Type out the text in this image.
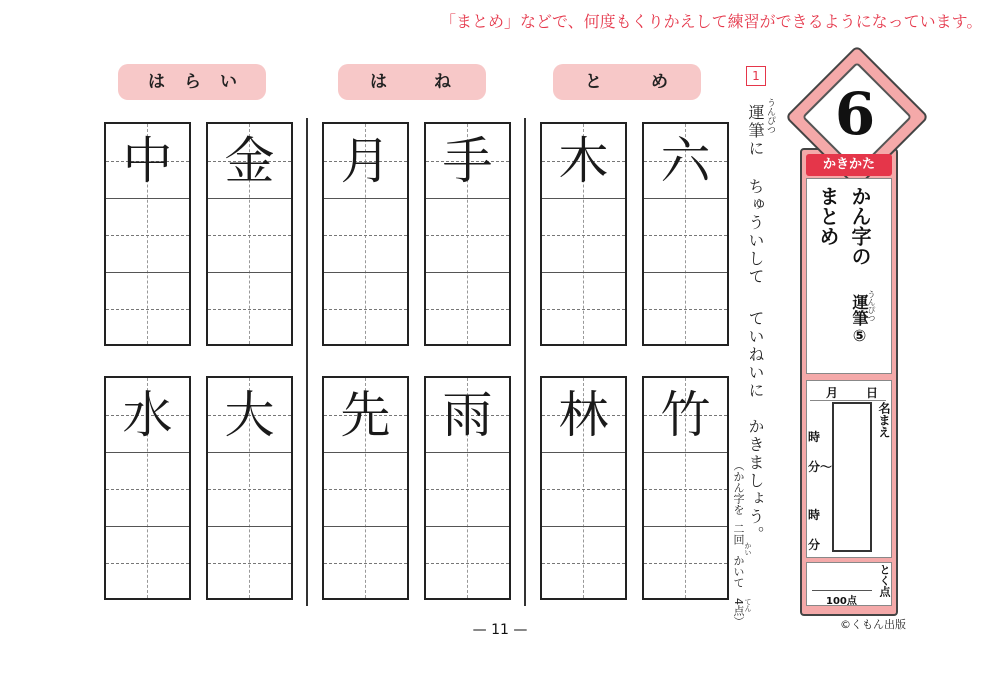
「まとめ」などで、何度もくりかえして練習ができるようになっています。
は ら い	は	ね	と	め
中	金	月	手	木	六
水	大	先	雨	林	竹
1
うんぴつ
運筆に
ちゅういして
ていねいに
かきましょう。
（かん字を二回かいて4点）
かい
てん
6
かきかた
かん字の
まとめ
運筆⑤
うんぴつ
月 日
時
分～
時
分
名まえ
100点
とく点
— 11 —	©くもん出版
